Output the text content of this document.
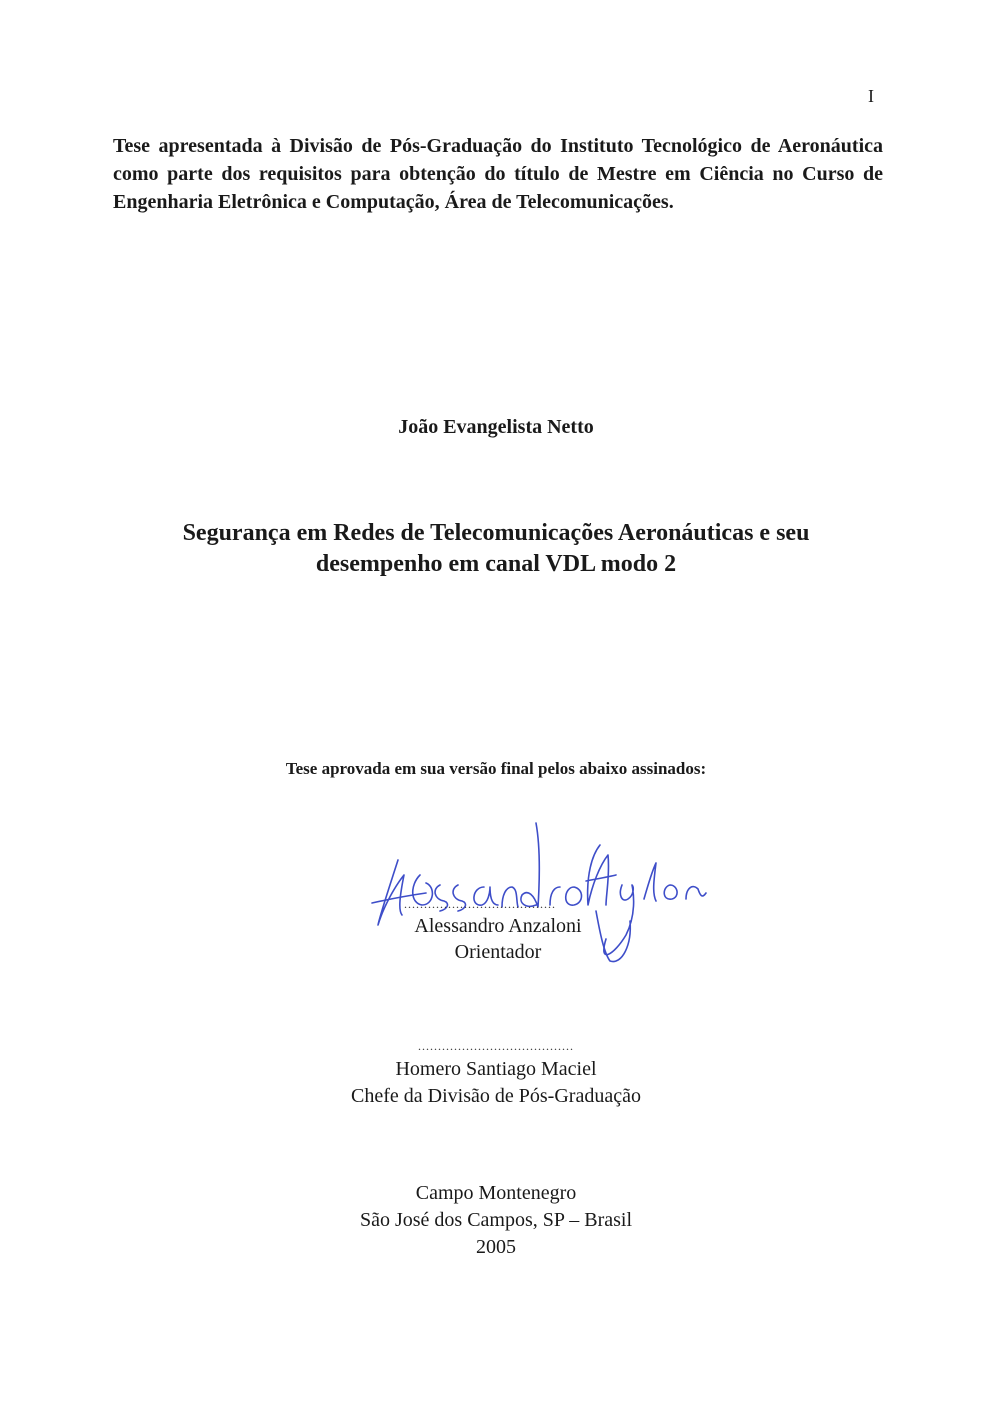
I
Tese apresentada à Divisão de Pós-Graduação do Instituto Tecnológico de Aeronáutica como parte dos requisitos para obtenção do título de Mestre em Ciência no Curso de Engenharia Eletrônica e Computação, Área de Telecomunicações.
João Evangelista Netto
Segurança em Redes de Telecomunicações Aeronáuticas e seu
desempenho em canal VDL modo 2
Tese aprovada em sua versão final pelos abaixo assinados:
......................................
Alessandro Anzaloni
Orientador
.......................................
Homero Santiago Maciel
Chefe da Divisão de Pós-Graduação
Campo Montenegro
São José dos Campos, SP – Brasil
2005
